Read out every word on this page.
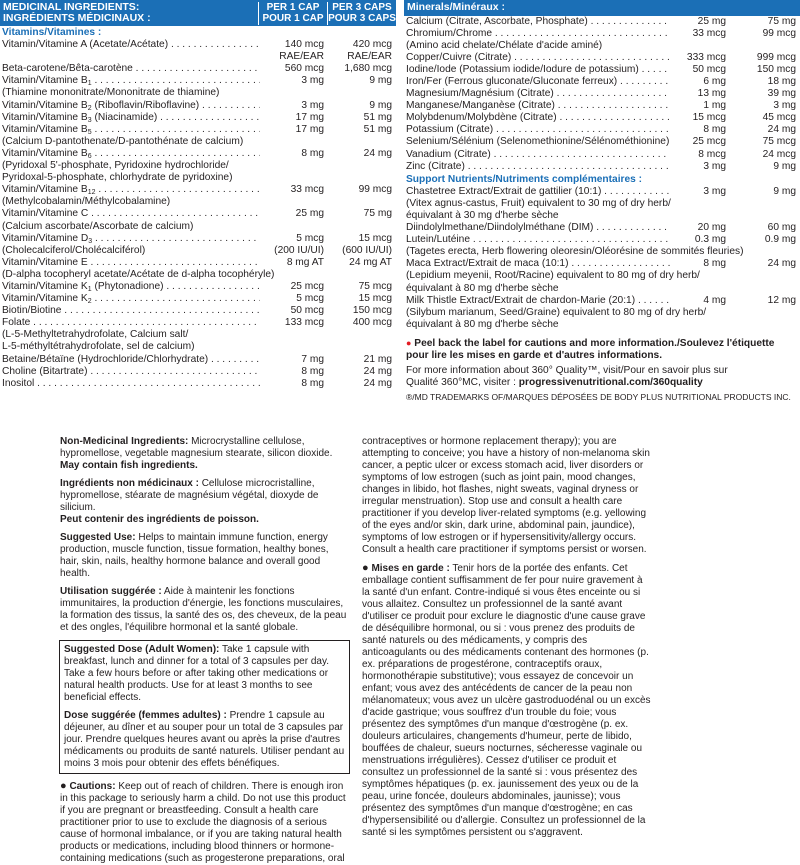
MEDICINAL INGREDIENTS:
INGRÉDIENTS MÉDICINAUX :
PER 1 CAP
POUR 1 CAP
PER 3 CAPS
POUR 3 CAPS
Vitamins/Vitamines :
Vitamin/Vitamine A (Acetate/Acétate) . . .	140 mcg	420 mcg
RAE/EAR	RAE/EAR
Beta-carotene/Bêta-carotène . . .	560 mcg	1,680 mcg
Vitamin/Vitamine $B_1$ . . .	3 mg	9 mg
(Thiamine mononitrate/Mononitrate de thiamine)
Vitamin/Vitamine $B_2$ (Riboflavin/Riboflavine) . . .	3 mg	9 mg
Vitamin/Vitamine $B_3$ (Niacinamide) . . .	17 mg	51 mg
Vitamin/Vitamine $B_5$ . . .	17 mg	51 mg
(Calcium D-pantothenate/D-pantothénate de calcium)
Vitamin/Vitamine $B_6$ . . .	8 mg	24 mg
(Pyridoxal 5'-phosphate, Pyridoxine hydrochloride/
Pyridoxal-5-phosphate, chlorhydrate de pyridoxine)
Vitamin/Vitamine $B_{12}$ . . .	33 mcg	99 mcg
(Methylcobalamin/Méthylcobalamine)
Vitamin/Vitamine C . . .	25 mg	75 mg
(Calcium ascorbate/Ascorbate de calcium)
Vitamin/Vitamine $D_3$ . . .	5 mcg	15 mcg
(Cholecalciferol/Cholécalciférol)	(200 IU/UI)	(600 IU/UI)
Vitamin/Vitamine E . . .	8 mg AT	24 mg AT
(D-alpha tocopheryl acetate/Acétate de d-alpha tocophéryle)
Vitamin/Vitamine $K_1$ (Phytonadione) . . .	25 mcg	75 mcg
Vitamin/Vitamine $K_2$ . . .	5 mcg	15 mcg
Biotin/Biotine . . .	50 mcg	150 mcg
Folate . . .	133 mcg	400 mcg
(L-5-Methyltetrahydrofolate, Calcium salt/
L-5-méthyltétrahydrofolate, sel de calcium)
Betaine/Bétaïne (Hydrochloride/Chlorhydrate) . . .	7 mg	21 mg
Choline (Bitartrate) . . .	8 mg	24 mg
Inositol . . .	8 mg	24 mg
Minerals/Minéraux :
Calcium (Citrate, Ascorbate, Phosphate) . . .	25 mg	75 mg
Chromium/Chrome . . .	33 mcg	99 mcg
(Amino acid chelate/Chélate d'acide aminé)
Copper/Cuivre (Citrate) . . .	333 mcg	999 mcg
Iodine/Iode (Potassium iodide/Iodure de potassium) . . .	50 mcg	150 mcg
Iron/Fer (Ferrous gluconate/Gluconate ferreux) . . .	6 mg	18 mg
Magnesium/Magnésium (Citrate) . . .	13 mg	39 mg
Manganese/Manganèse (Citrate) . . .	1 mg	3 mg
Molybdenum/Molybdène (Citrate) . . .	15 mcg	45 mcg
Potassium (Citrate) . . .	8 mg	24 mg
Selenium/Sélénium (Selenomethionine/Sélénométhionine) . . .	25 mcg	75 mcg
Vanadium (Citrate) . . .	8 mcg	24 mcg
Zinc (Citrate) . . .	3 mg	9 mg
Support Nutrients/Nutriments complémentaires :
Chastetree Extract/Extrait de gattilier (10:1) . . .	3 mg	9 mg
(Vitex agnus-castus, Fruit) equivalent to 30 mg of dry herb/
équivalant à 30 mg d'herbe sèche
Diindolylmethane/Diindolylméthane (DIM) . . .	20 mg	60 mg
Lutein/Lutéine . . .	0.3 mg	0.9 mg
(Tagetes erecta, Herb flowering oleoresin/Oléorésine de sommités fleuries)
Maca Extract/Extrait de maca (10:1) . . .	8 mg	24 mg
(Lepidium meyenii, Root/Racine) equivalent to 80 mg of dry herb/
équivalant à 80 mg d'herbe sèche
Milk Thistle Extract/Extrait de chardon-Marie (20:1) . . .	4 mg	12 mg
(Silybum marianum, Seed/Graine) equivalent to 80 mg of dry herb/
équivalant à 80 mg d'herbe sèche
● Peel back the label for cautions and more information./Soulevez l'étiquette
pour lire les mises en garde et d'autres informations.
For more information about 360° Quality™, visit/Pour en savoir plus sur
Qualité 360°MC, visiter : progressivenutritional.com/360quality
®/MD TRADEMARKS OF/MARQUES DÉPOSÉES DE BODY PLUS NUTRITIONAL PRODUCTS INC.
Non-Medicinal Ingredients: Microcrystalline cellulose, hypromellose, vegetable magnesium stearate, silicon dioxide.
May contain fish ingredients.
Ingrédients non médicinaux : Cellulose microcristalline, hypromellose, stéarate de magnésium végétal, dioxyde de silicium.
Peut contenir des ingrédients de poisson.
Suggested Use: Helps to maintain immune function, energy production, muscle function, tissue formation, healthy bones, hair, skin, nails, healthy hormone balance and overall good health.
Utilisation suggérée : Aide à maintenir les fonctions immunitaires, la production d'énergie, les fonctions musculaires, la formation des tissus, la santé des os, des cheveux, de la peau et des ongles, l'équilibre hormonal et la santé globale.
Suggested Dose (Adult Women): Take 1 capsule with breakfast, lunch and dinner for a total of 3 capsules per day. Take a few hours before or after taking other medications or natural health products. Use for at least 3 months to see beneficial effects.
Dose suggérée (femmes adultes) : Prendre 1 capsule au déjeuner, au dîner et au souper pour un total de 3 capsules par jour. Prendre quelques heures avant ou après la prise d'autres médicaments ou produits de santé naturels. Utiliser pendant au moins 3 mois pour obtenir des effets bénéfiques.
● Cautions: Keep out of reach of children. There is enough iron in this package to seriously harm a child. Do not use this product if you are pregnant or breastfeeding. Consult a health care practitioner prior to use to exclude the diagnosis of a serious cause of hormonal imbalance, or if you are taking natural health products or medications, including blood thinners or hormone-containing medications (such as progesterone preparations, oral
contraceptives or hormone replacement therapy); you are attempting to conceive; you have a history of non-melanoma skin cancer, a peptic ulcer or excess stomach acid, liver disorders or symptoms of low estrogen (such as joint pain, mood changes, changes in libido, hot flashes, night sweats, vaginal dryness or irregular menstruation). Stop use and consult a health care practitioner if you develop liver-related symptoms (e.g. yellowing of the eyes and/or skin, dark urine, abdominal pain, jaundice), symptoms of low estrogen or if hypersensitivity/allergy occurs. Consult a health care practitioner if symptoms persist or worsen.
● Mises en garde : Tenir hors de la portée des enfants. Cet emballage contient suffisamment de fer pour nuire gravement à la santé d'un enfant. Contre-indiqué si vous êtes enceinte ou si vous allaitez. Consultez un professionnel de la santé avant d'utiliser ce produit pour exclure le diagnostic d'une cause grave de déséquilibre hormonal, ou si : vous prenez des produits de santé naturels ou des médicaments, y compris des anticoagulants ou des médicaments contenant des hormones (p. ex. préparations de progestérone, contraceptifs oraux, hormonothérapie substitutive); vous essayez de concevoir un enfant; vous avez des antécédents de cancer de la peau non mélanomateux; vous avez un ulcère gastroduodénal ou un excès d'acide gastrique; vous souffrez d'un trouble du foie; vous présentez des symptômes d'un manque d'œstrogène (p. ex. douleurs articulaires, changements d'humeur, perte de libido, bouffées de chaleur, sueurs nocturnes, sécheresse vaginale ou menstruations irrégulières). Cessez d'utiliser ce produit et consultez un professionnel de la santé si : vous présentez des symptômes hépatiques (p. ex. jaunissement des yeux ou de la peau, urine foncée, douleurs abdominales, jaunisse); vous présentez des symptômes d'un manque d'œstrogène; en cas d'hypersensibilité ou d'allergie. Consultez un professionnel de la santé si les symptômes persistent ou s'aggravent.
